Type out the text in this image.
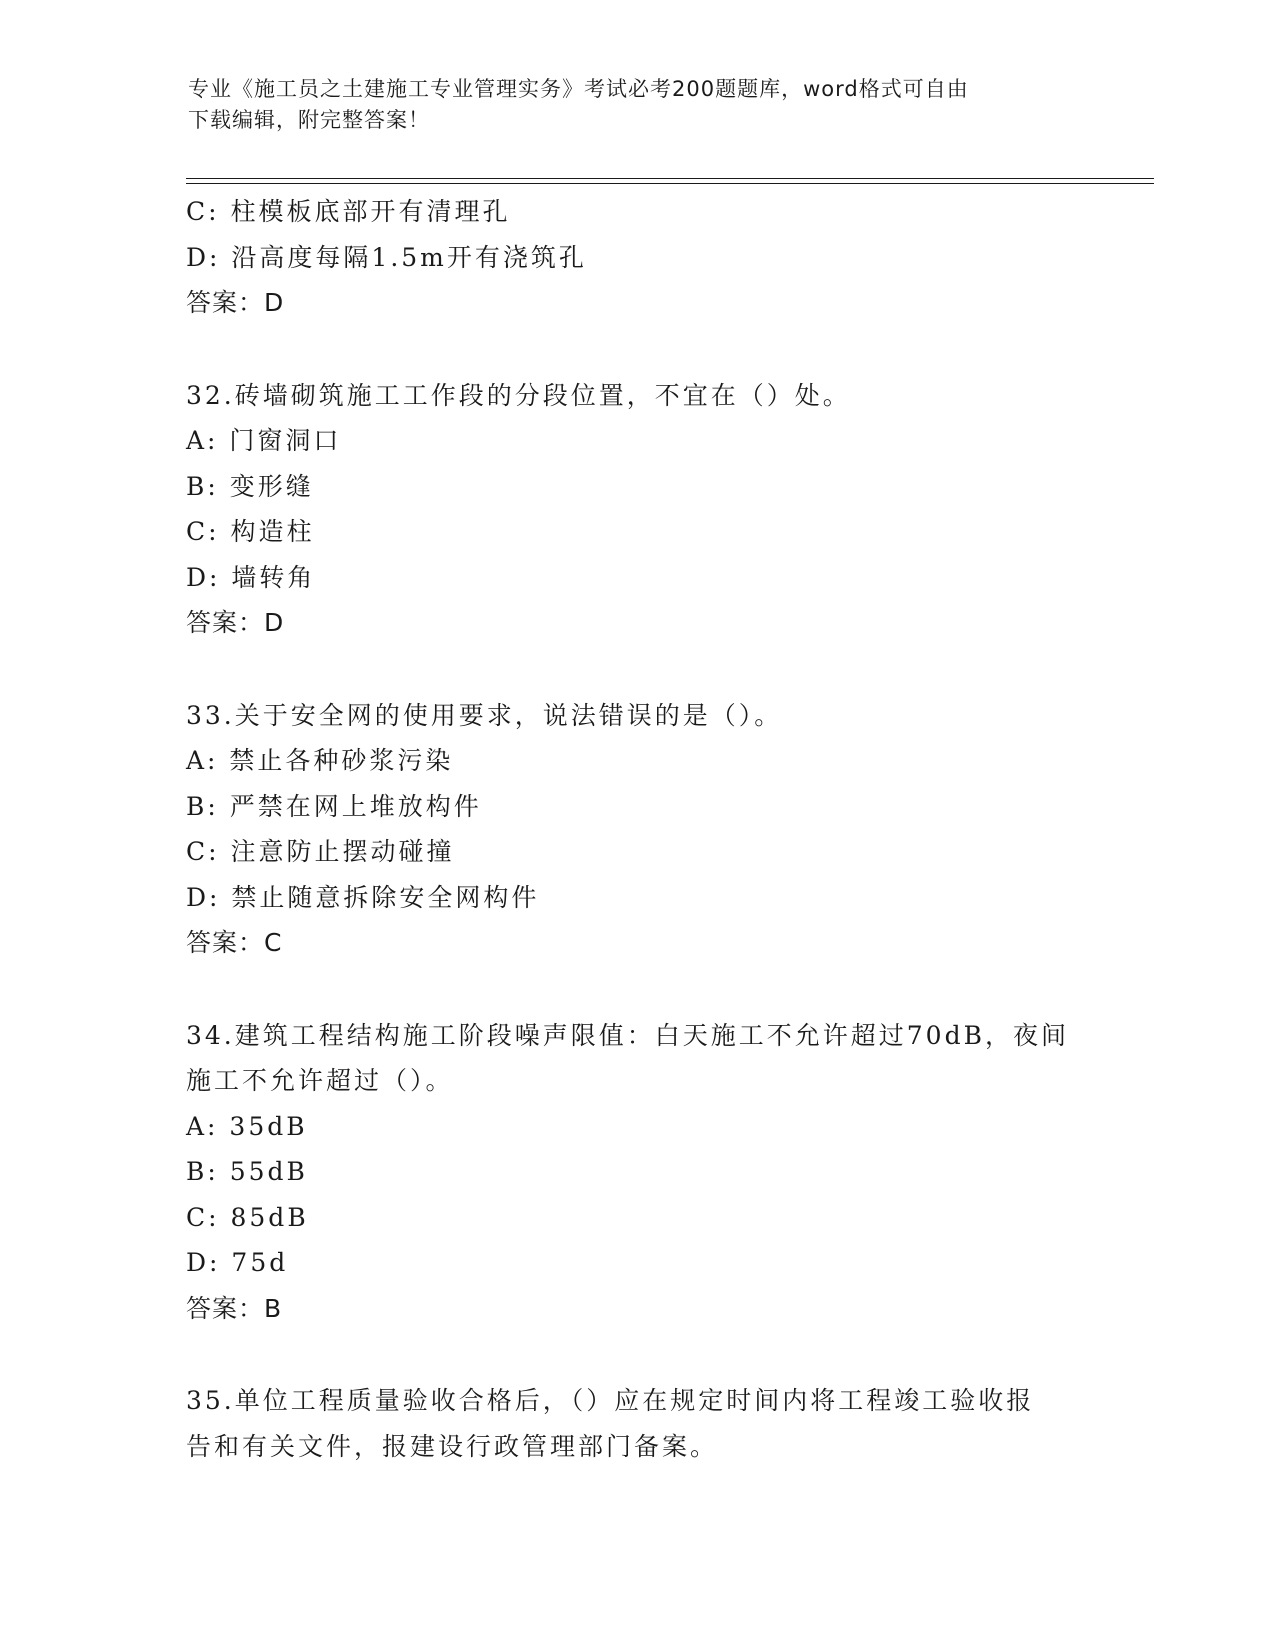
专业《施工员之土建施工专业管理实务》考试必考200题题库，word格式可自由
下载编辑，附完整答案！
C: 柱模板底部开有清理孔
D: 沿高度每隔1.5m开有浇筑孔
答案：D
32.砖墙砌筑施工工作段的分段位置，不宜在（）处。
A: 门窗洞口
B: 变形缝
C: 构造柱
D: 墙转角
答案：D
33.关于安全网的使用要求，说法错误的是（）。
A: 禁止各种砂浆污染
B: 严禁在网上堆放构件
C: 注意防止摆动碰撞
D: 禁止随意拆除安全网构件
答案：C
34.建筑工程结构施工阶段噪声限值：白天施工不允许超过70dB，夜间
施工不允许超过（）。
A: 35dB
B: 55dB
C: 85dB
D: 75d
答案：B
35.单位工程质量验收合格后，（）应在规定时间内将工程竣工验收报
告和有关文件，报建设行政管理部门备案。
